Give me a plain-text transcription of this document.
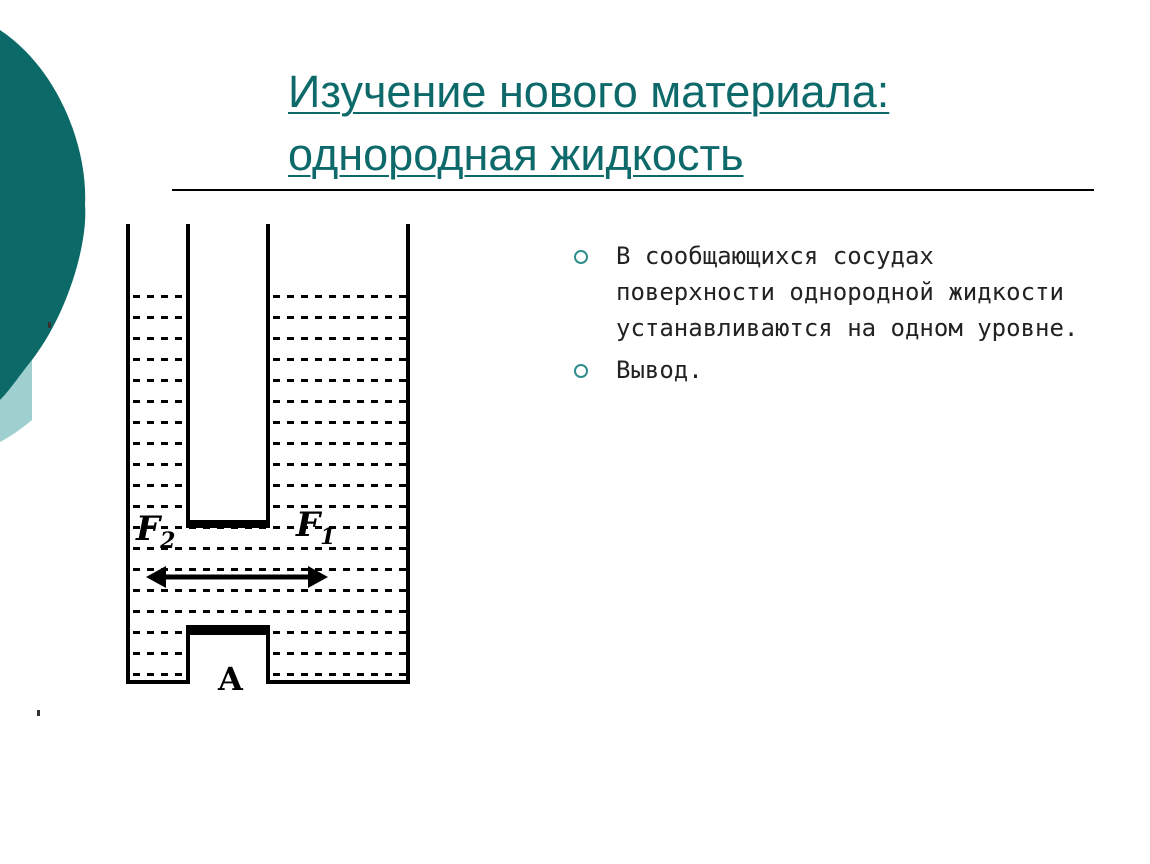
Изучение нового материала:
однородная жидкость
$F_2$	$F_1$
A
В сообщающихся сосудах поверхности однородной жидкости устанавливаются на одном уровне.
Вывод.
